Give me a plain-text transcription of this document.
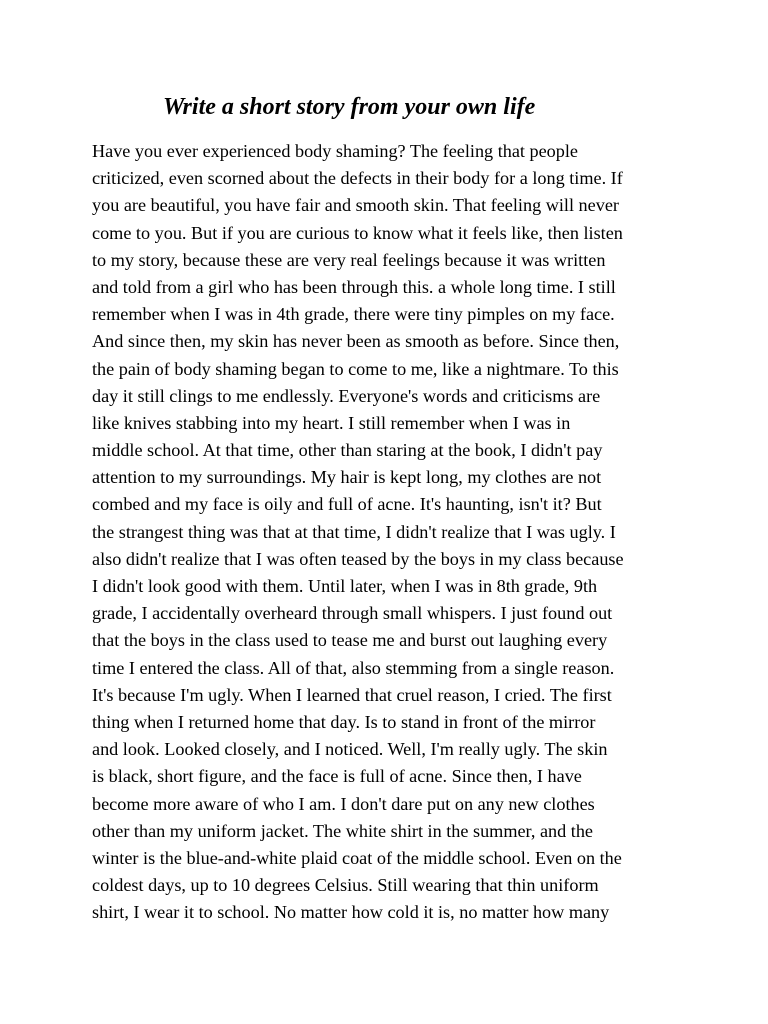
Write a short story from your own life
Have you ever experienced body shaming? The feeling that people
criticized, even scorned about the defects in their body for a long time. If
you are beautiful, you have fair and smooth skin. That feeling will never
come to you. But if you are curious to know what it feels like, then listen
to my story, because these are very real feelings because it was written
and told from a girl who has been through this. a whole long time. I still
remember when I was in 4th grade, there were tiny pimples on my face.
And since then, my skin has never been as smooth as before. Since then,
the pain of body shaming began to come to me, like a nightmare. To this
day it still clings to me endlessly. Everyone's words and criticisms are
like knives stabbing into my heart. I still remember when I was in
middle school. At that time, other than staring at the book, I didn't pay
attention to my surroundings. My hair is kept long, my clothes are not
combed and my face is oily and full of acne. It's haunting, isn't it? But
the strangest thing was that at that time, I didn't realize that I was ugly. I
also didn't realize that I was often teased by the boys in my class because
I didn't look good with them. Until later, when I was in 8th grade, 9th
grade, I accidentally overheard through small whispers. I just found out
that the boys in the class used to tease me and burst out laughing every
time I entered the class. All of that, also stemming from a single reason.
It's because I'm ugly. When I learned that cruel reason, I cried. The first
thing when I returned home that day. Is to stand in front of the mirror
and look. Looked closely, and I noticed. Well, I'm really ugly. The skin
is black, short figure, and the face is full of acne. Since then, I have
become more aware of who I am. I don't dare put on any new clothes
other than my uniform jacket. The white shirt in the summer, and the
winter is the blue-and-white plaid coat of the middle school. Even on the
coldest days, up to 10 degrees Celsius. Still wearing that thin uniform
shirt, I wear it to school. No matter how cold it is, no matter how many
